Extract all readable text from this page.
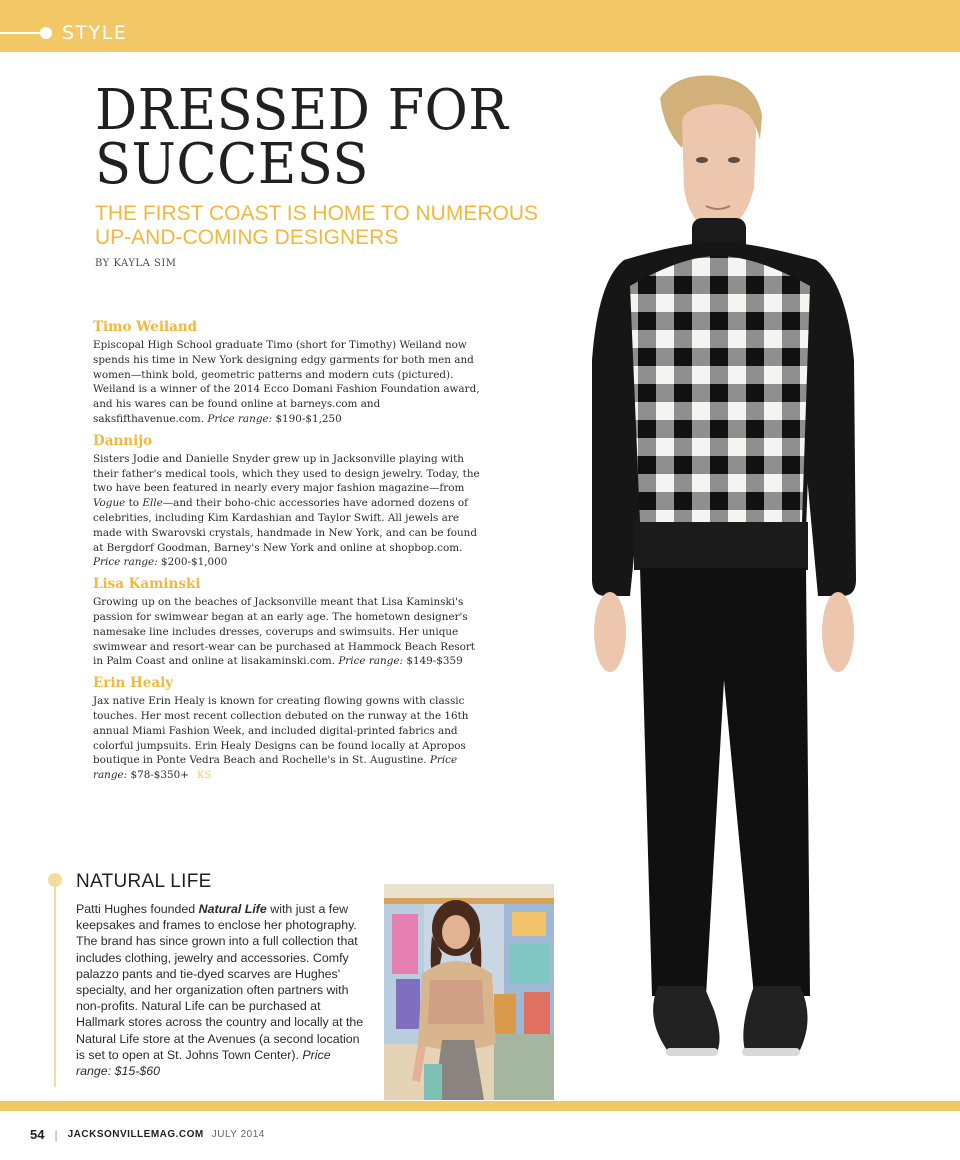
STYLE
DRESSED FOR
SUCCESS
THE FIRST COAST IS HOME TO NUMEROUS
UP-AND-COMING DESIGNERS
BY KAYLA SIM
Timo Weiland

Episcopal High School graduate Timo (short for Timothy) Weiland now spends his time in New York designing edgy garments for both men and women—think bold, geometric patterns and modern cuts (pictured). Weiland is a winner of the 2014 Ecco Domani Fashion Foundation award, and his wares can be found online at barneys.com and saksfifthavenue.com. Price range: $190-$1,250

Dannijo

Sisters Jodie and Danielle Snyder grew up in Jacksonville playing with their father's medical tools, which they used to design jewelry. Today, the two have been featured in nearly every major fashion magazine—from Vogue to Elle—and their boho-chic accessories have adorned dozens of celebrities, including Kim Kardashian and Taylor Swift. All jewels are made with Swarovski crystals, handmade in New York, and can be found at Bergdorf Goodman, Barney's New York and online at shopbop.com. Price range: $200-$1,000

Lisa Kaminski

Growing up on the beaches of Jacksonville meant that Lisa Kaminski's passion for swimwear began at an early age. The hometown designer's namesake line includes dresses, coverups and swimsuits. Her unique swimwear and resort-wear can be purchased at Hammock Beach Resort in Palm Coast and online at lisakaminski.com. Price range: $149-$359

Erin Healy

Jax native Erin Healy is known for creating flowing gowns with classic touches. Her most recent collection debuted on the runway at the 16th annual Miami Fashion Week, and included digital-printed fabrics and colorful jumpsuits. Erin Healy Designs can be found locally at Apropos boutique in Ponte Vedra Beach and Rochelle's in St. Augustine. Price range: $78-$350+ KS

NATURAL LIFE

Patti Hughes founded Natural Life with just a few keepsakes and frames to enclose her photography. The brand has since grown into a full collection that includes clothing, jewelry and accessories. Comfy palazzo pants and tie-dyed scarves are Hughes' specialty, and her organization often partners with non-profits. Natural Life can be purchased at Hallmark stores across the country and locally at the Natural Life store at the Avenues (a second location is set to open at St. Johns Town Center). Price range: $15-$60

54 | JACKSONVILLEMAG.COM JULY 2014
